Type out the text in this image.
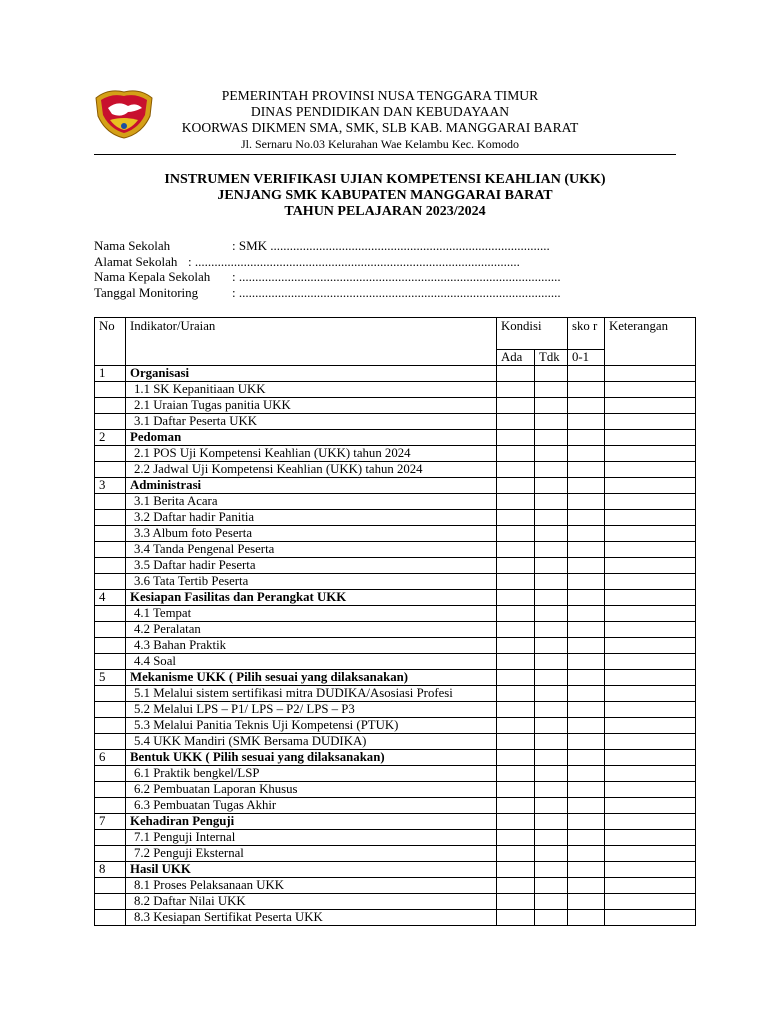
PEMERINTAH PROVINSI NUSA TENGGARA TIMUR
DINAS PENDIDIKAN DAN KEBUDAYAAN
KOORWAS DIKMEN SMA, SMK, SLB KAB. MANGGARAI BARAT
Jl. Sernaru No.03 Kelurahan Wae Kelambu Kec. Komodo
INSTRUMEN VERIFIKASI UJIAN KOMPETENSI KEAHLIAN (UKK)
JENJANG SMK KABUPATEN MANGGARAI BARAT
TAHUN PELAJARAN 2023/2024
Nama Sekolah	: SMK ......................................................................................
Alamat Sekolah : ....................................................................................................
Nama Kepala Sekolah : ...................................................................................................
Tanggal Monitoring	: ...................................................................................................
No	Indikator/Uraian	Kondisi		sko r	Keterangan
		Ada	Tdk	0-1	
1	Organisasi				
	1.1 SK Kepanitiaan UKK				
	2.1 Uraian Tugas panitia UKK				
	3.1 Daftar Peserta UKK				
2	Pedoman				
	2.1 POS Uji Kompetensi Keahlian (UKK) tahun 2024				
	2.2 Jadwal Uji Kompetensi Keahlian (UKK) tahun 2024				
3	Administrasi				
	3.1 Berita Acara				
	3.2 Daftar hadir Panitia				
	3.3 Album foto Peserta				
	3.4 Tanda Pengenal Peserta				
	3.5 Daftar hadir Peserta				
	3.6 Tata Tertib Peserta				
4	Kesiapan Fasilitas dan Perangkat UKK				
	4.1 Tempat				
	4.2 Peralatan				
	4.3 Bahan Praktik				
	4.4 Soal				
5	Mekanisme UKK ( Pilih sesuai yang dilaksanakan)				
	5.1 Melalui sistem sertifikasi mitra DUDIKA/Asosiasi Profesi				
	5.2 Melalui LPS – P1/ LPS – P2/ LPS – P3				
	5.3 Melalui Panitia Teknis Uji Kompetensi (PTUK)				
	5.4 UKK Mandiri (SMK Bersama DUDIKA)				
6	Bentuk UKK ( Pilih sesuai yang dilaksanakan)				
	6.1 Praktik bengkel/LSP				
	6.2 Pembuatan Laporan Khusus				
	6.3 Pembuatan Tugas Akhir				
7	Kehadiran Penguji				
	7.1 Penguji Internal				
	7.2 Penguji Eksternal				
8	Hasil UKK				
	8.1 Proses Pelaksanaan UKK				
	8.2 Daftar Nilai UKK				
	8.3 Kesiapan Sertifikat Peserta UKK				
